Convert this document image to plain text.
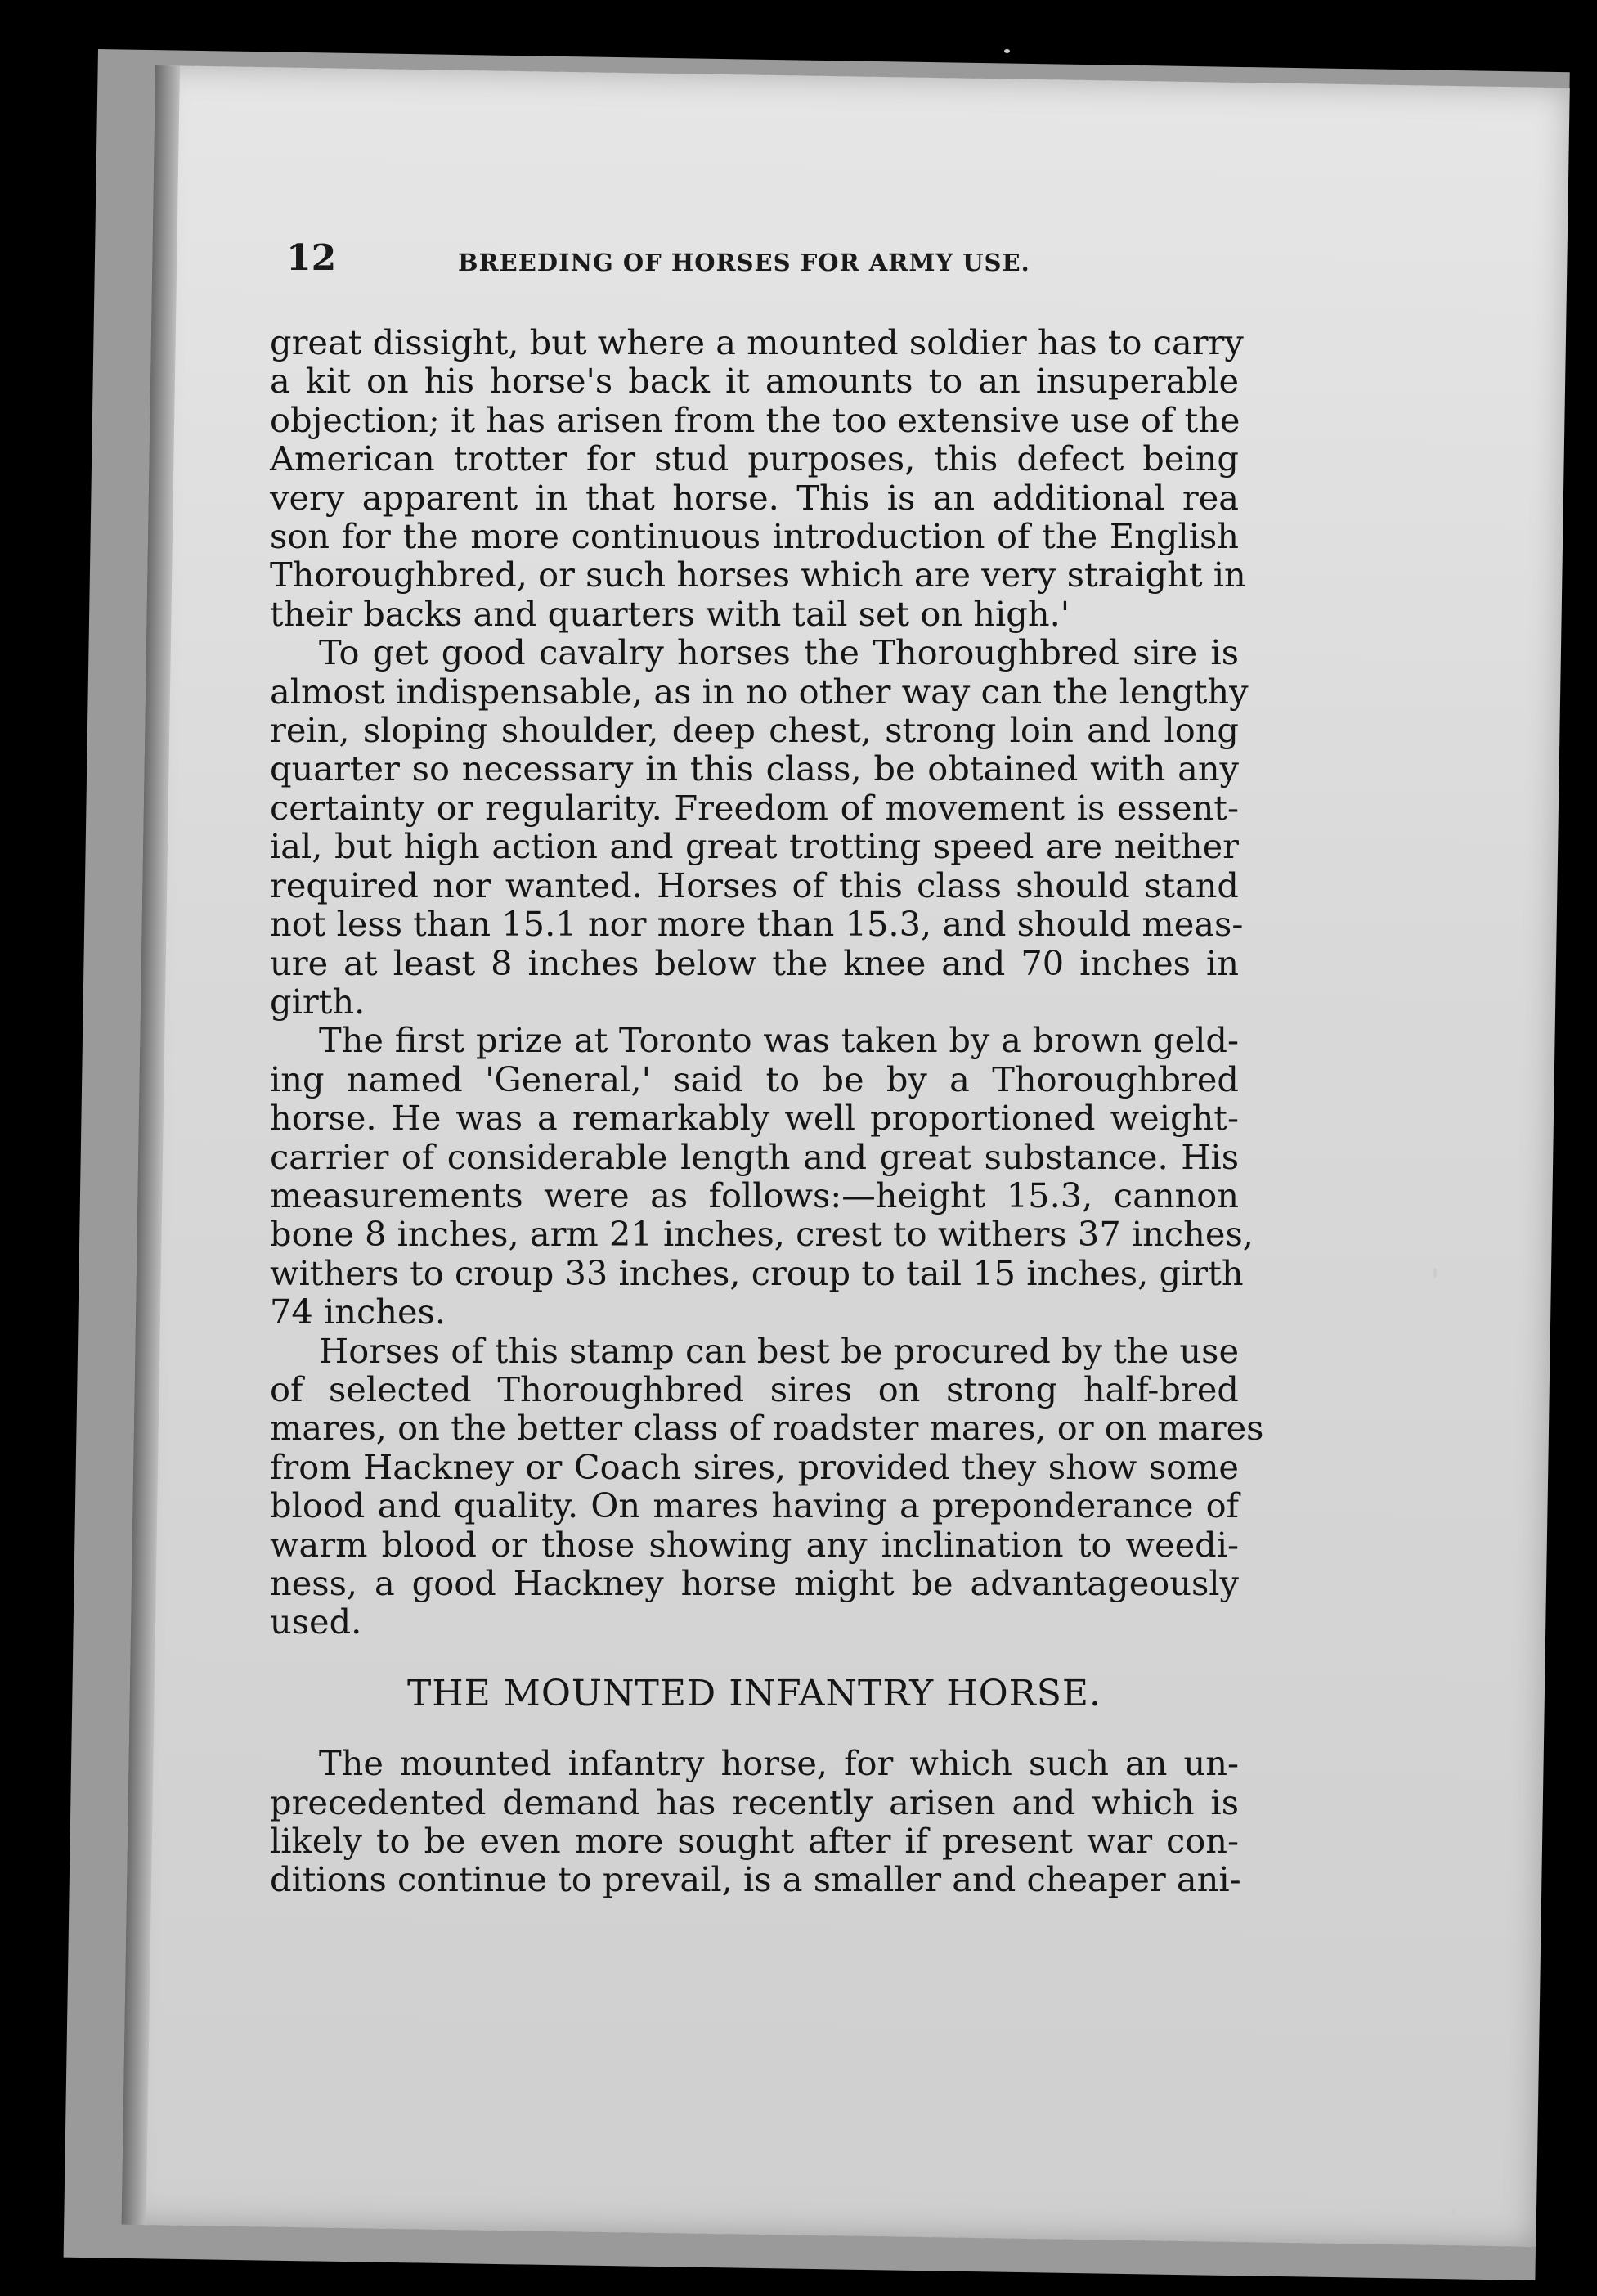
12	BREEDING OF HORSES FOR ARMY USE.

great dissight, but where a mounted soldier has to carry
a kit on his horse's back it amounts to an insuperable
objection; it has arisen from the too extensive use of the
American trotter for stud purposes, this defect being
very apparent in that horse. This is an additional rea
son for the more continuous introduction of the English
Thoroughbred, or such horses which are very straight in
their backs and quarters with tail set on high.'

To get good cavalry horses the Thoroughbred sire is
almost indispensable, as in no other way can the lengthy
rein, sloping shoulder, deep chest, strong loin and long
quarter so necessary in this class, be obtained with any
certainty or regularity. Freedom of movement is essent-
ial, but high action and great trotting speed are neither
required nor wanted. Horses of this class should stand
not less than 15.1 nor more than 15.3, and should meas-
ure at least 8 inches below the knee and 70 inches in
girth.

The first prize at Toronto was taken by a brown geld-
ing named 'General,' said to be by a Thoroughbred
horse. He was a remarkably well proportioned weight-
carrier of considerable length and great substance. His
measurements were as follows:—height 15.3, cannon
bone 8 inches, arm 21 inches, crest to withers 37 inches,
withers to croup 33 inches, croup to tail 15 inches, girth
74 inches.

Horses of this stamp can best be procured by the use
of selected Thoroughbred sires on strong half-bred
mares, on the better class of roadster mares, or on mares
from Hackney or Coach sires, provided they show some
blood and quality. On mares having a preponderance of
warm blood or those showing any inclination to weedi-
ness, a good Hackney horse might be advantageously
used.

THE MOUNTED INFANTRY HORSE.

The mounted infantry horse, for which such an un-
precedented demand has recently arisen and which is
likely to be even more sought after if present war con-
ditions continue to prevail, is a smaller and cheaper ani-
